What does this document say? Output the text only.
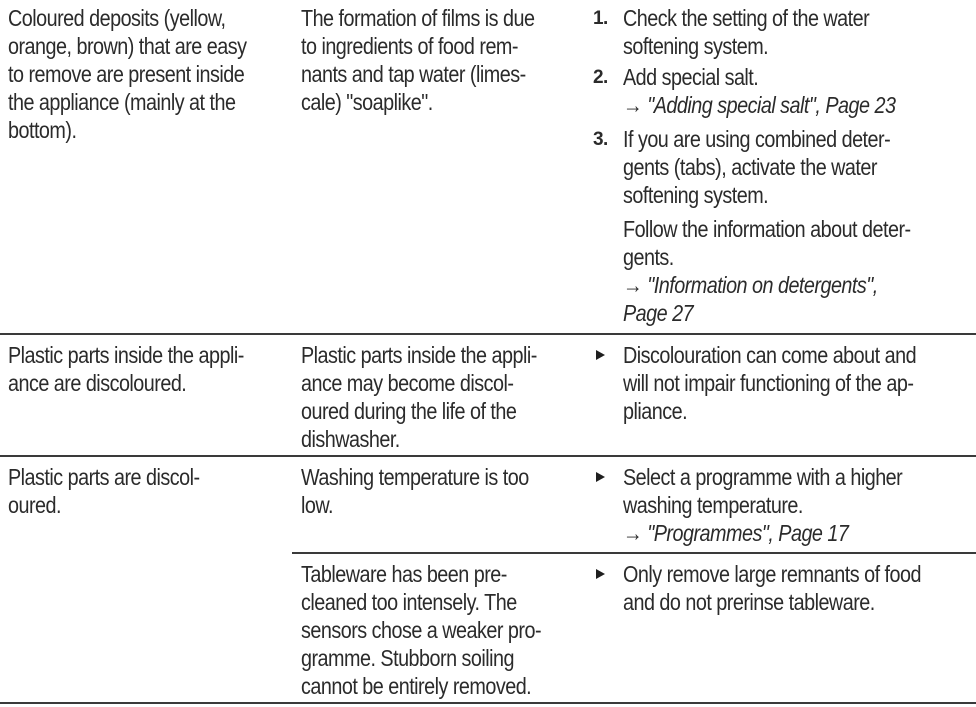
Coloured deposits (yellow,
orange, brown) that are easy
to remove are present inside
the appliance (mainly at the
bottom).
The formation of films is due
to ingredients of food rem-
nants and tap water (limes-
cale) "soaplike".
1. Check the setting of the water
softening system.
2. Add special salt.
→ "Adding special salt", Page 23
3. If you are using combined deter-
gents (tabs), activate the water
softening system.
Follow the information about deter-
gents.
→ "Information on detergents",
Page 27
Plastic parts inside the appli-
ance are discoloured.
Plastic parts inside the appli-
ance may become discol-
oured during the life of the
dishwasher.
Discolouration can come about and
will not impair functioning of the ap-
pliance.
Plastic parts are discol-
oured.
Washing temperature is too
low.
Select a programme with a higher
washing temperature.
→ "Programmes", Page 17
Tableware has been pre-
cleaned too intensely. The
sensors chose a weaker pro-
gramme. Stubborn soiling
cannot be entirely removed.
Only remove large remnants of food
and do not prerinse tableware.
